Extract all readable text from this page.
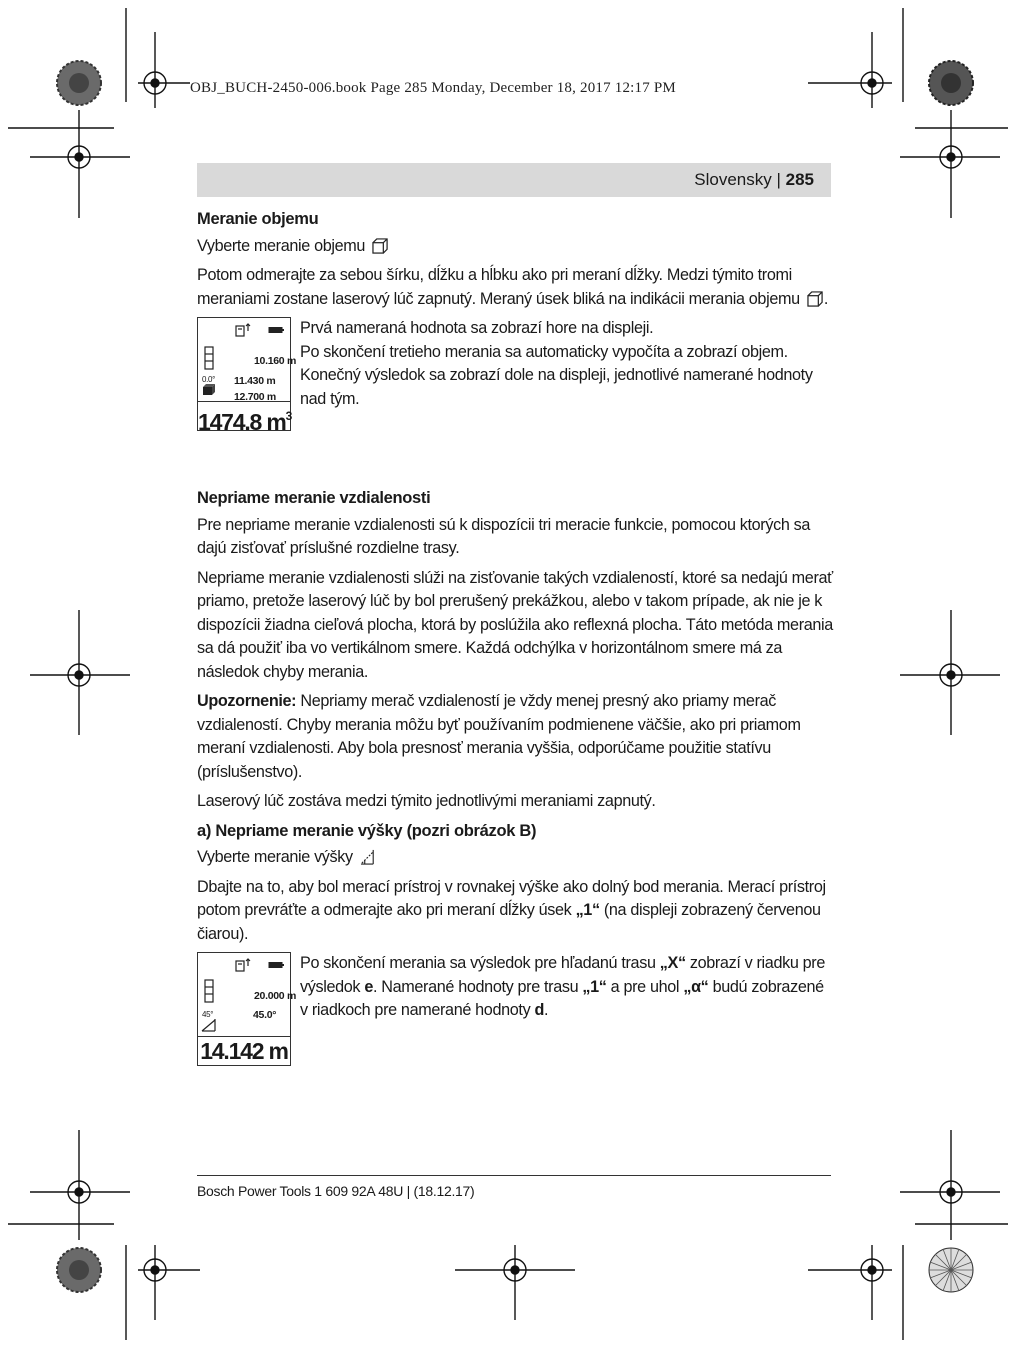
OBJ_BUCH-2450-006.book Page 285 Monday, December 18, 2017 12:17 PM
Slovensky | 285
Meranie objemu

Vyberte meranie objemu

Potom odmerajte za sebou šírku, dĺžku a hĺbku ako pri meraní dĺžky. Medzi týmito tromi meraniami zostane laserový lúč zapnutý. Meraný úsek bliká na indikácii merania objemu .

10.160 m
0.0° 11.430 m
12.700 m
1474.8 $m^3$
Prvá nameraná hodnota sa zobrazí hore na displeji.
Po skončení tretieho merania sa automaticky vypočíta a zobrazí objem.
Konečný výsledok sa zobrazí dole na displeji, jednotlivé namerané hodnoty nad tým.
Nepriame meranie vzdialenosti

Pre nepriame meranie vzdialenosti sú k dispozícii tri meracie funkcie, pomocou ktorých sa dajú zisťovať príslušné rozdielne trasy.

Nepriame meranie vzdialenosti slúži na zisťovanie takých vzdialeností, ktoré sa nedajú merať priamo, pretože laserový lúč by bol prerušený prekážkou, alebo v takom prípade, ak nie je k dispozícii žiadna cieľová plocha, ktorá by poslúžila ako reflexná plocha. Táto metóda merania sa dá použiť iba vo vertikálnom smere. Každá odchýlka v horizontálnom smere má za následok chyby merania.

Upozornenie: Nepriamy merač vzdialeností je vždy menej presný ako priamy merač vzdialeností. Chyby merania môžu byť používaním podmienene väčšie, ako pri priamom meraní vzdialenosti. Aby bola presnosť merania vyššia, odporúčame použitie statívu (príslušenstvo).

Laserový lúč zostáva medzi týmito jednotlivými meraniami zapnutý.

a) Nepriame meranie výšky (pozri obrázok B)

Vyberte meranie výšky

Dbajte na to, aby bol merací prístroj v rovnakej výške ako dolný bod merania. Merací prístroj potom prevráťte a odmerajte ako pri meraní dĺžky úsek „1“ (na displeji zobrazený červenou čiarou).

20.000 m
45°	45.0°
14.142 m
Po skončení merania sa výsledok pre hľadanú trasu „X“ zobrazí v riadku pre výsledok e. Namerané hodnoty pre trasu „1“ a pre uhol „α“ budú zobrazené v riadkoch pre namerané hodnoty d.
Bosch Power Tools 1 609 92A 48U | (18.12.17)
